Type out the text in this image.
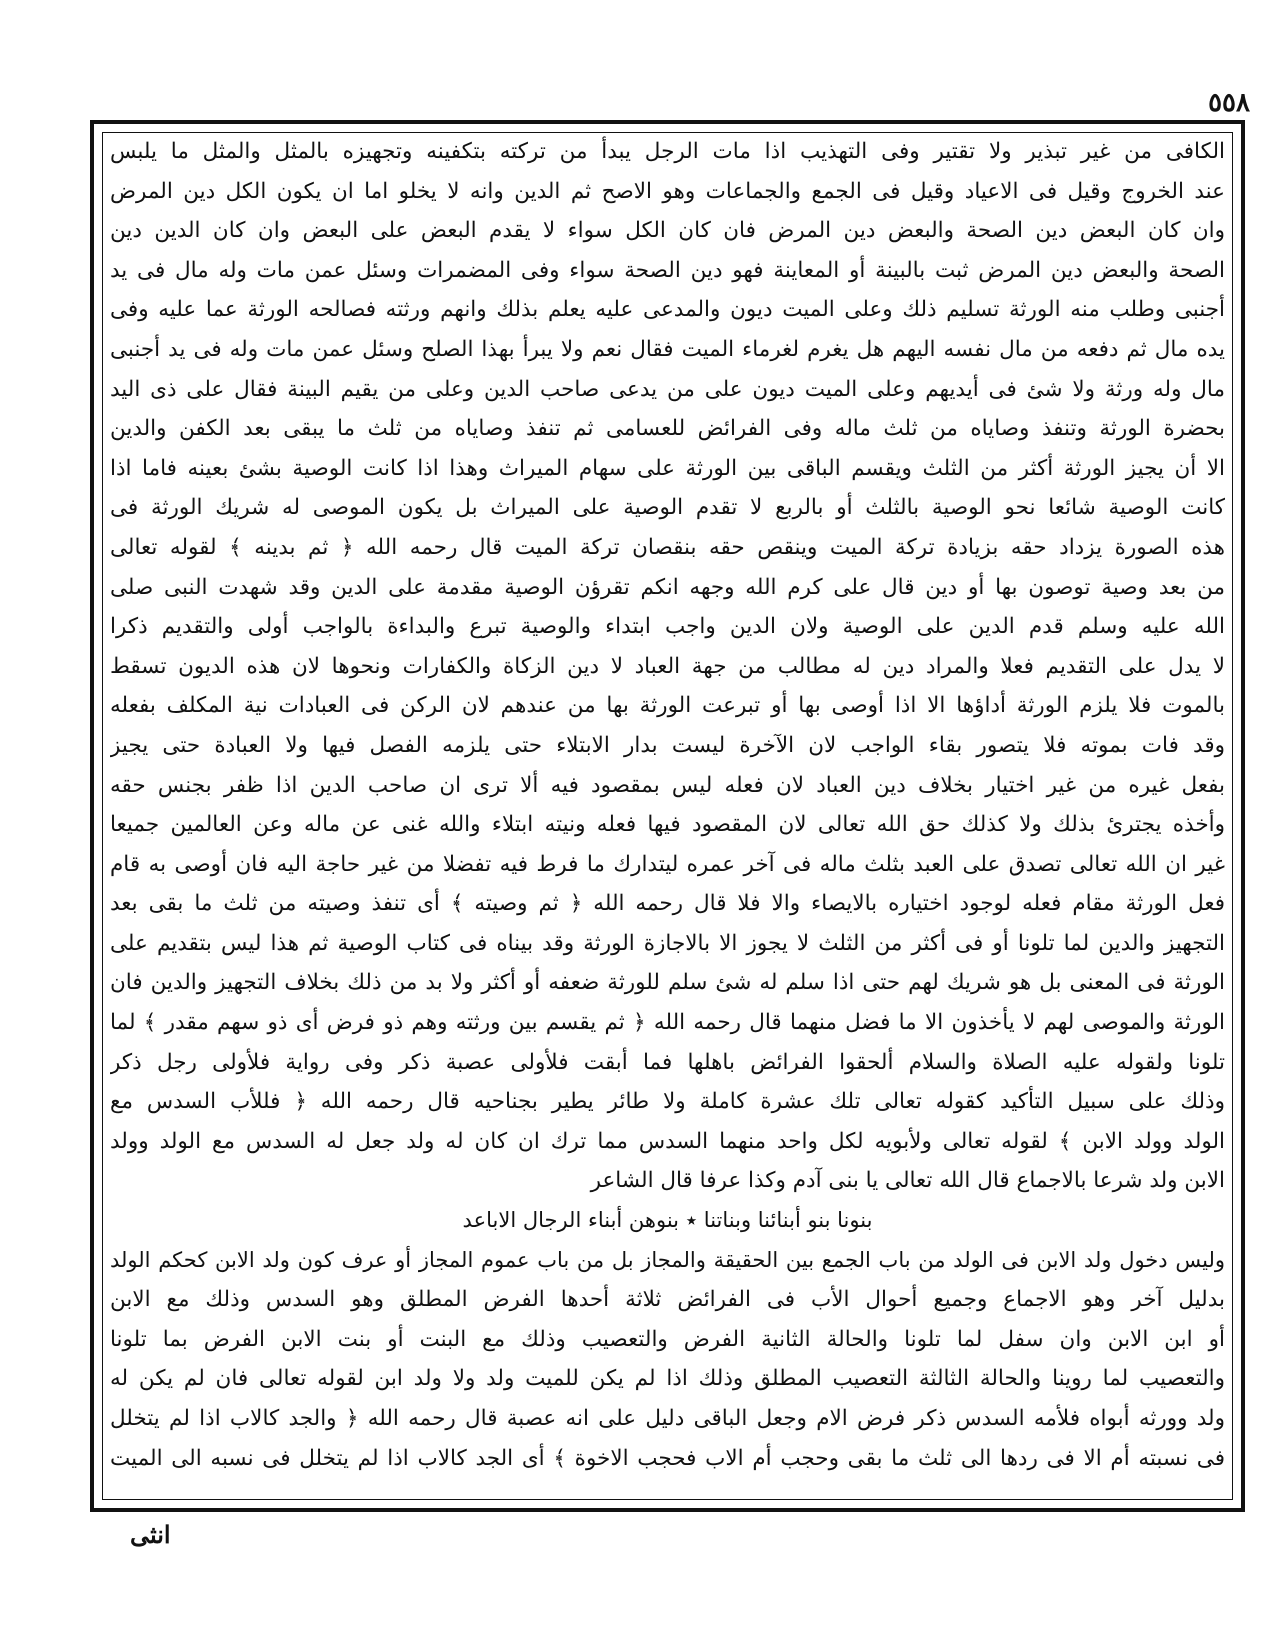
٥٥٨
الكافى من غير تبذير ولا تقتير وفى التهذيب اذا مات الرجل يبدأ من تركته بتكفينه وتجهيزه بالمثل والمثل ما يلبس
عند الخروج وقيل فى الاعياد وقيل فى الجمع والجماعات وهو الاصح ثم الدين وانه لا يخلو اما ان يكون الكل دين المرض
وان كان البعض دين الصحة والبعض دين المرض فان كان الكل سواء لا يقدم البعض على البعض وان كان الدين دين
الصحة والبعض دين المرض ثبت بالبينة أو المعاينة فهو دين الصحة سواء وفى المضمرات وسئل عمن مات وله مال فى يد
أجنبى وطلب منه الورثة تسليم ذلك وعلى الميت ديون والمدعى عليه يعلم بذلك وانهم ورثته فصالحه الورثة عما عليه وفى
يده مال ثم دفعه من مال نفسه اليهم هل يغرم لغرماء الميت فقال نعم ولا يبرأ بهذا الصلح وسئل عمن مات وله فى يد أجنبى
مال وله ورثة ولا شئ فى أيديهم وعلى الميت ديون على من يدعى صاحب الدين وعلى من يقيم البينة فقال على ذى اليد
بحضرة الورثة وتنفذ وصاياه من ثلث ماله وفى الفرائض للعسامى ثم تنفذ وصاياه من ثلث ما يبقى بعد الكفن والدين
الا أن يجيز الورثة أكثر من الثلث ويقسم الباقى بين الورثة على سهام الميراث وهذا اذا كانت الوصية بشئ بعينه فاما اذا
كانت الوصية شائعا نحو الوصية بالثلث أو بالربع لا تقدم الوصية على الميراث بل يكون الموصى له شريك الورثة فى
هذه الصورة يزداد حقه بزيادة تركة الميت وينقص حقه بنقصان تركة الميت قال رحمه الله ﴿ ثم بدينه ﴾ لقوله تعالى
من بعد وصية توصون بها أو دين قال على كرم الله وجهه انكم تقرؤن الوصية مقدمة على الدين وقد شهدت النبى صلى
الله عليه وسلم قدم الدين على الوصية ولان الدين واجب ابتداء والوصية تبرع والبداءة بالواجب أولى والتقديم ذكرا
لا يدل على التقديم فعلا والمراد دين له مطالب من جهة العباد لا دين الزكاة والكفارات ونحوها لان هذه الديون تسقط
بالموت فلا يلزم الورثة أداؤها الا اذا أوصى بها أو تبرعت الورثة بها من عندهم لان الركن فى العبادات نية المكلف بفعله
وقد فات بموته فلا يتصور بقاء الواجب لان الآخرة ليست بدار الابتلاء حتى يلزمه الفصل فيها ولا العبادة حتى يجيز
بفعل غيره من غير اختيار بخلاف دين العباد لان فعله ليس بمقصود فيه ألا ترى ان صاحب الدين اذا ظفر بجنس حقه
وأخذه يجترئ بذلك ولا كذلك حق الله تعالى لان المقصود فيها فعله ونيته ابتلاء والله غنى عن ماله وعن العالمين جميعا
غير ان الله تعالى تصدق على العبد بثلث ماله فى آخر عمره ليتدارك ما فرط فيه تفضلا من غير حاجة اليه فان أوصى به قام
فعل الورثة مقام فعله لوجود اختياره بالايصاء والا فلا قال رحمه الله ﴿ ثم وصيته ﴾ أى تنفذ وصيته من ثلث ما بقى بعد
التجهيز والدين لما تلونا أو فى أكثر من الثلث لا يجوز الا بالاجازة الورثة وقد بيناه فى كتاب الوصية ثم هذا ليس بتقديم على
الورثة فى المعنى بل هو شريك لهم حتى اذا سلم له شئ سلم للورثة ضعفه أو أكثر ولا بد من ذلك بخلاف التجهيز والدين فان
الورثة والموصى لهم لا يأخذون الا ما فضل منهما قال رحمه الله ﴿ ثم يقسم بين ورثته وهم ذو فرض أى ذو سهم مقدر ﴾ لما
تلونا ولقوله عليه الصلاة والسلام ألحقوا الفرائض باهلها فما أبقت فلأولى عصبة ذكر وفى رواية فلأولى رجل ذكر
وذلك على سبيل التأكيد كقوله تعالى تلك عشرة كاملة ولا طائر يطير بجناحيه قال رحمه الله ﴿ فللأب السدس مع
الولد وولد الابن ﴾ لقوله تعالى ولأبويه لكل واحد منهما السدس مما ترك ان كان له ولد جعل له السدس مع الولد وولد
الابن ولد شرعا بالاجماع قال الله تعالى يا بنى آدم وكذا عرفا قال الشاعر
بنونا بنو أبنائنا وبناتنا ٭ بنوهن أبناء الرجال الاباعد
وليس دخول ولد الابن فى الولد من باب الجمع بين الحقيقة والمجاز بل من باب عموم المجاز أو عرف كون ولد الابن كحكم الولد
بدليل آخر وهو الاجماع وجميع أحوال الأب فى الفرائض ثلاثة أحدها الفرض المطلق وهو السدس وذلك مع الابن
أو ابن الابن وان سفل لما تلونا والحالة الثانية الفرض والتعصيب وذلك مع البنت أو بنت الابن الفرض بما تلونا
والتعصيب لما روينا والحالة الثالثة التعصيب المطلق وذلك اذا لم يكن للميت ولد ولا ولد ابن لقوله تعالى فان لم يكن له
ولد وورثه أبواه فلأمه السدس ذكر فرض الام وجعل الباقى دليل على انه عصبة قال رحمه الله ﴿ والجد كالاب اذا لم يتخلل
فى نسبته أم الا فى ردها الى ثلث ما بقى وحجب أم الاب فحجب الاخوة ﴾ أى الجد كالاب اذا لم يتخلل فى نسبه الى الميت
انثى
